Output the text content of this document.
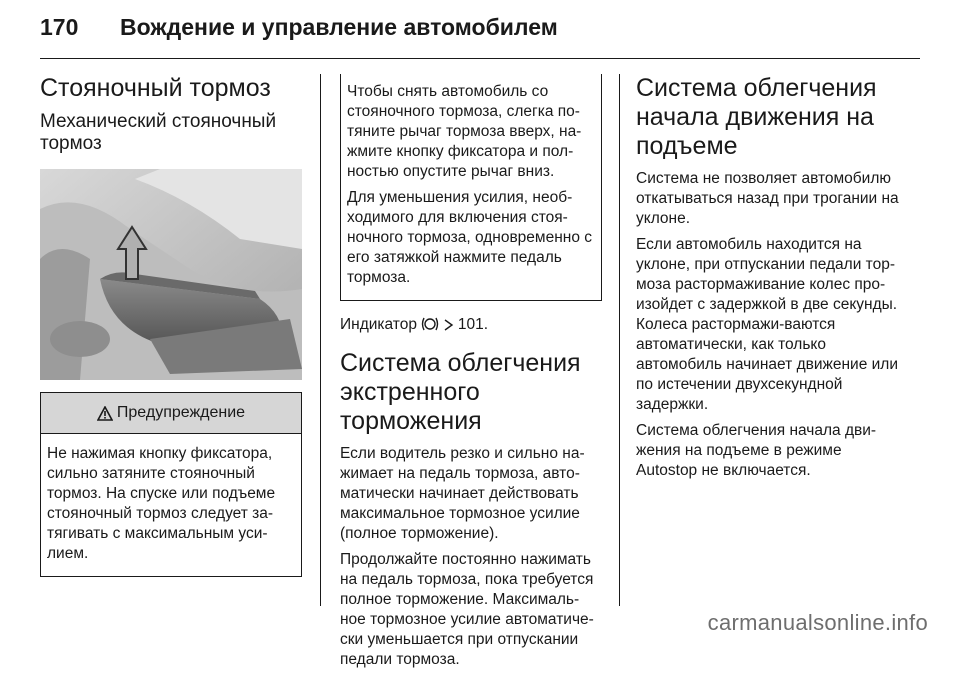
170	Вождение и управление автомобилем
Стояночный тормоз
Механический стояночный тормоз
Предупреждение

Не нажимая кнопку фиксатора, сильно затяните стояночный тормоз. На спуске или подъеме стояночный тормоз следует за-тягивать с максимальным уси-лием.

Чтобы снять автомобиль со стояночного тормоза, слегка по-тяните рычаг тормоза вверх, на-жмите кнопку фиксатора и пол-ностью опустите рычаг вниз.

Для уменьшения усилия, необ-ходимого для включения стоя-ночного тормоза, одновременно с его затяжкой нажмите педаль тормоза.

Индикатор	101.

Система облегчения экстренного торможения

Если водитель резко и сильно на-жимает на педаль тормоза, авто-матически начинает действовать максимальное тормозное усилие (полное торможение).

Продолжайте постоянно нажимать на педаль тормоза, пока требуется полное торможение. Максималь-ное тормозное усилие автоматиче-ски уменьшается при отпускании педали тормоза.

Система облегчения начала движения на подъеме

Система не позволяет автомобилю откатываться назад при трогании на уклоне.

Если автомобиль находится на уклоне, при отпускании педали тор-моза растормаживание колес про-изойдет с задержкой в две секунды. Колеса растормажи-ваются автоматически, как только автомобиль начинает движение или по истечении двухсекундной задержки.

Система облегчения начала дви-жения на подъеме в режиме Autostop не включается.

carmanualsonline.info
